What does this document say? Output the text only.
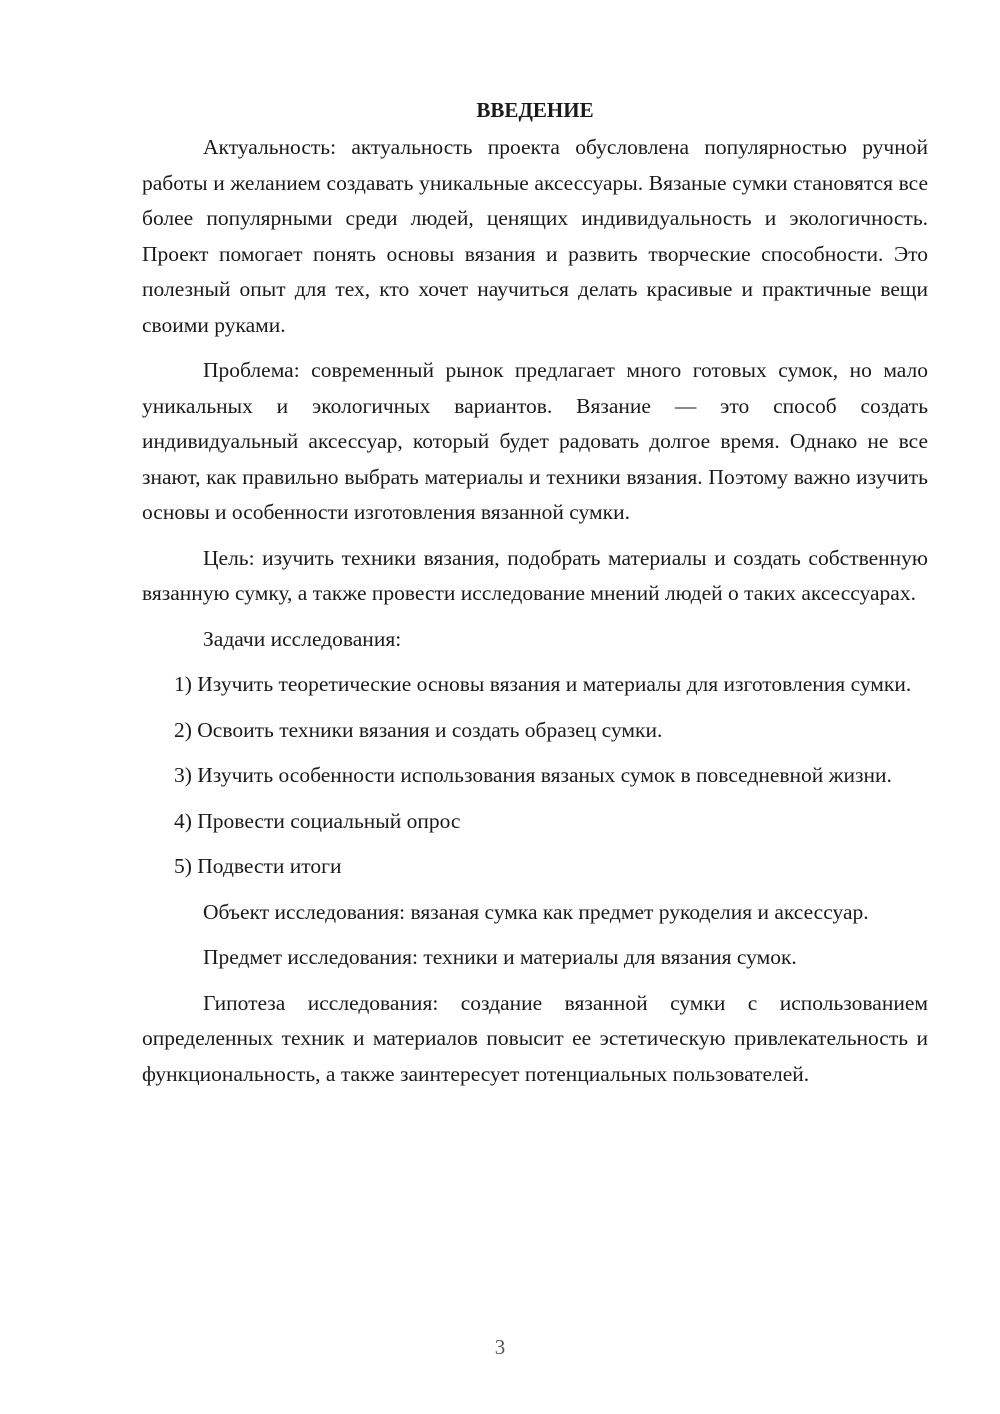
ВВЕДЕНИЕ

Актуальность: актуальность проекта обусловлена популярностью ручной работы и желанием создавать уникальные аксессуары. Вязаные сумки становятся все более популярными среди людей, ценящих индивидуальность и экологичность. Проект помогает понять основы вязания и развить творческие способности. Это полезный опыт для тех, кто хочет научиться делать красивые и практичные вещи своими руками.

Проблема: современный рынок предлагает много готовых сумок, но мало уникальных и экологичных вариантов. Вязание — это способ создать индивидуальный аксессуар, который будет радовать долгое время. Однако не все знают, как правильно выбрать материалы и техники вязания. Поэтому важно изучить основы и особенности изготовления вязанной сумки.

Цель: изучить техники вязания, подобрать материалы и создать собственную вязанную сумку, а также провести исследование мнений людей о таких аксессуарах.

Задачи исследования:

1) Изучить теоретические основы вязания и материалы для изготовления сумки.

2) Освоить техники вязания и создать образец сумки.

3) Изучить особенности использования вязаных сумок в повседневной жизни.

4) Провести социальный опрос

5) Подвести итоги

Объект исследования: вязаная сумка как предмет рукоделия и аксессуар.

Предмет исследования: техники и материалы для вязания сумок.

Гипотеза исследования: создание вязанной сумки с использованием определенных техник и материалов повысит ее эстетическую привлекательность и функциональность, а также заинтересует потенциальных пользователей.

3
